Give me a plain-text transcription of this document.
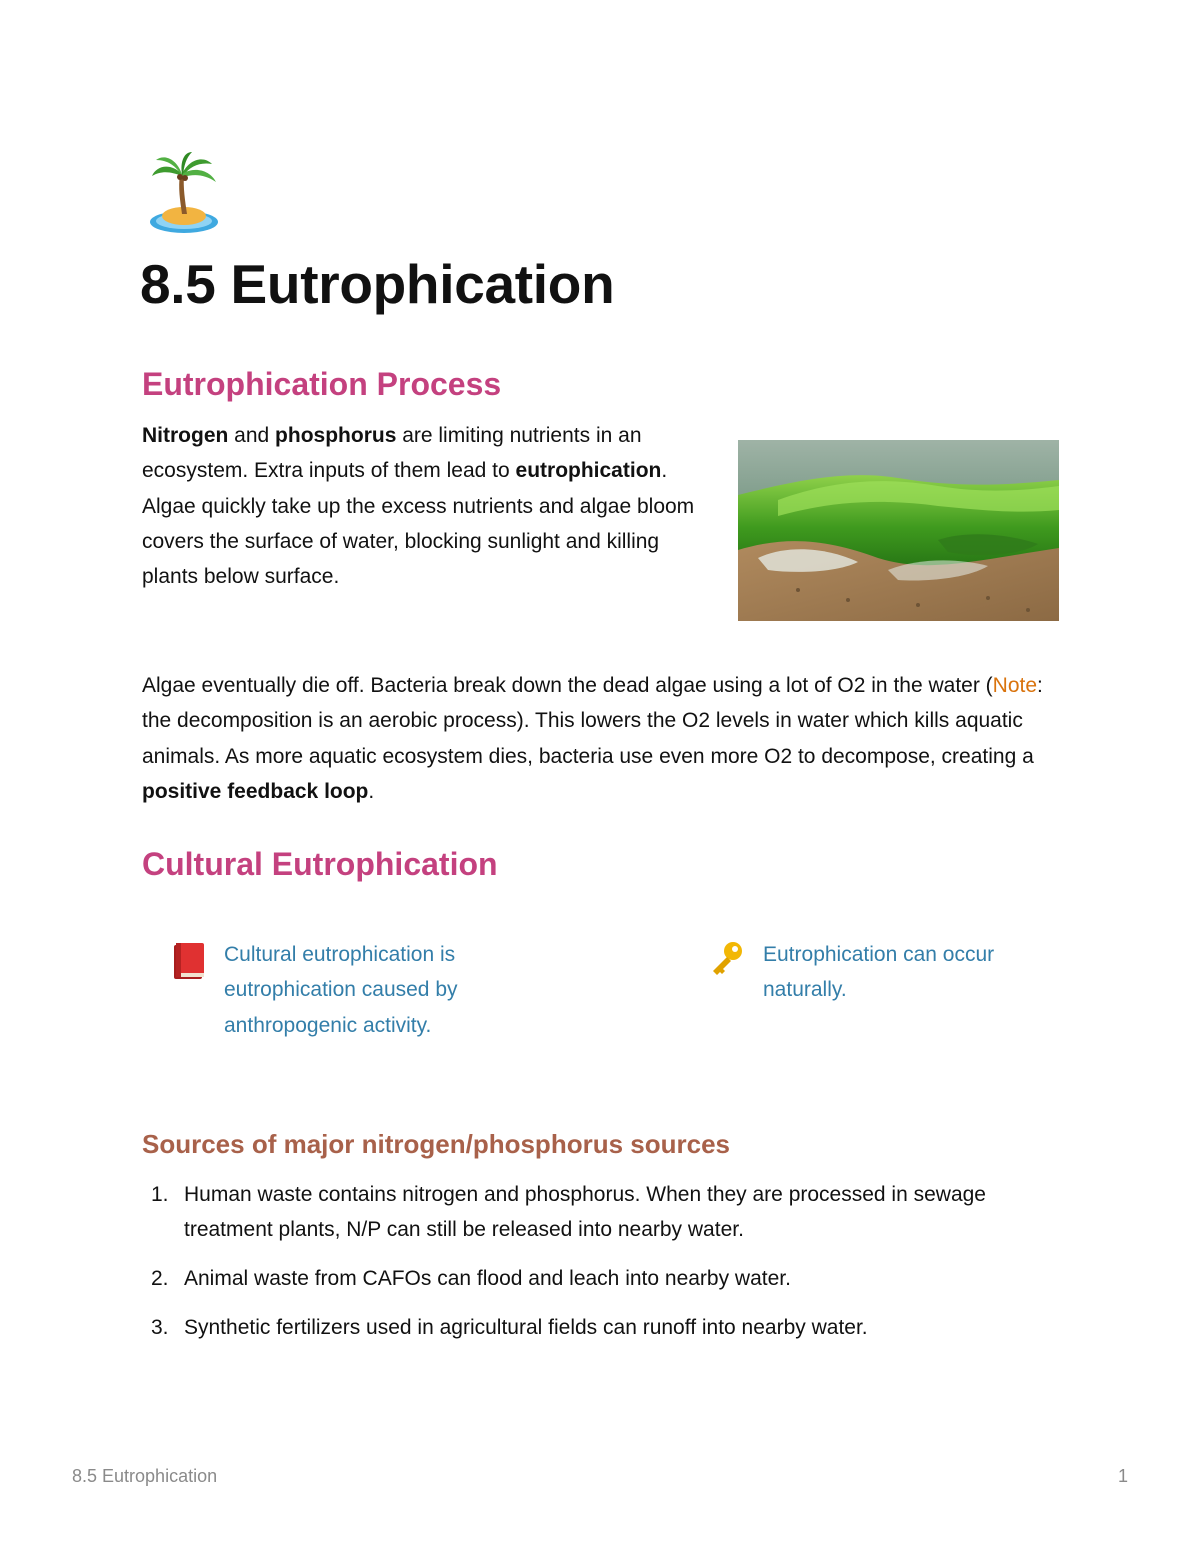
8.5 Eutrophication
Eutrophication Process

Nitrogen and phosphorus are limiting nutrients in an ecosystem. Extra inputs of them lead to eutrophication. Algae quickly take up the excess nutrients and algae bloom covers the surface of water, blocking sunlight and killing plants below surface.

Algae eventually die off. Bacteria break down the dead algae using a lot of O2 in the water (Note: the decomposition is an aerobic process). This lowers the O2 levels in water which kills aquatic animals. As more aquatic ecosystem dies, bacteria use even more O2 to decompose, creating a positive feedback loop.

Cultural Eutrophication

Cultural eutrophication is eutrophication caused by anthropogenic activity.

Eutrophication can occur naturally.

Sources of major nitrogen/phosphorus sources
1. Human waste contains nitrogen and phosphorus. When they are processed in sewage treatment plants, N/P can still be released into nearby water.
2. Animal waste from CAFOs can flood and leach into nearby water.
3. Synthetic fertilizers used in agricultural fields can runoff into nearby water.
8.5 Eutrophication	1
